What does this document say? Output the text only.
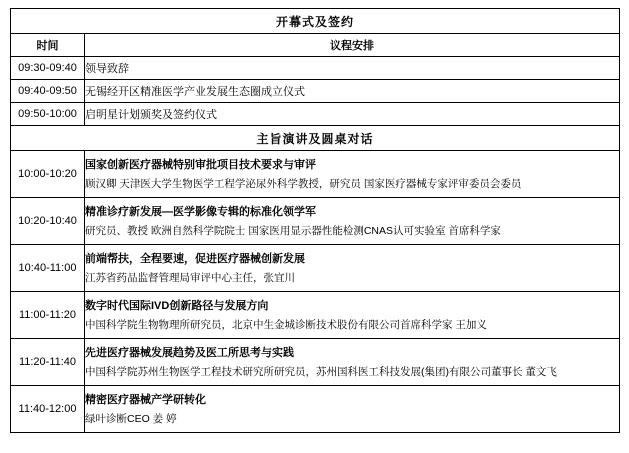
开幕式及签约	
时间	议程安排
09:30-09:40	领导致辞
09:40-09:50	无锡经开区精准医学产业发展生态圈成立仪式
09:50-10:00	启明星计划颁奖及签约仪式
主旨演讲及圆桌对话	
10:00-10:20	国家创新医疗器械特别审批项目技术要求与审评
顾汉卿 天津医大学生物医学工程学泌尿外科学教授，研究员 国家医疗器械专家评审委员会委员

10:20-10:40	精准诊疗新发展—医学影像专辑的标准化领学军
研究员、教授 欧洲自然科学院院士 国家医用显示器性能检测CNAS认可实验室 首席科学家

10:40-11:00	前端帮扶，全程要速，促进医疗器械创新发展
江苏省药品监督管理局审评中心主任，张宜川

11:00-11:20	数字时代国际IVD创新路径与发展方向
中国科学院生物物理所研究员，北京中生金城诊断技术股份有限公司首席科学家 王加义

11:20-11:40	先进医疗器械发展趋势及医工所思考与实践
中国科学院苏州生物医学工程技术研究所研究员，苏州国科医工科技发展(集团)有限公司董事长 董文飞

11:40-12:00	精密医疗器械产学研转化
绿叶诊断CEO 姜 婷
